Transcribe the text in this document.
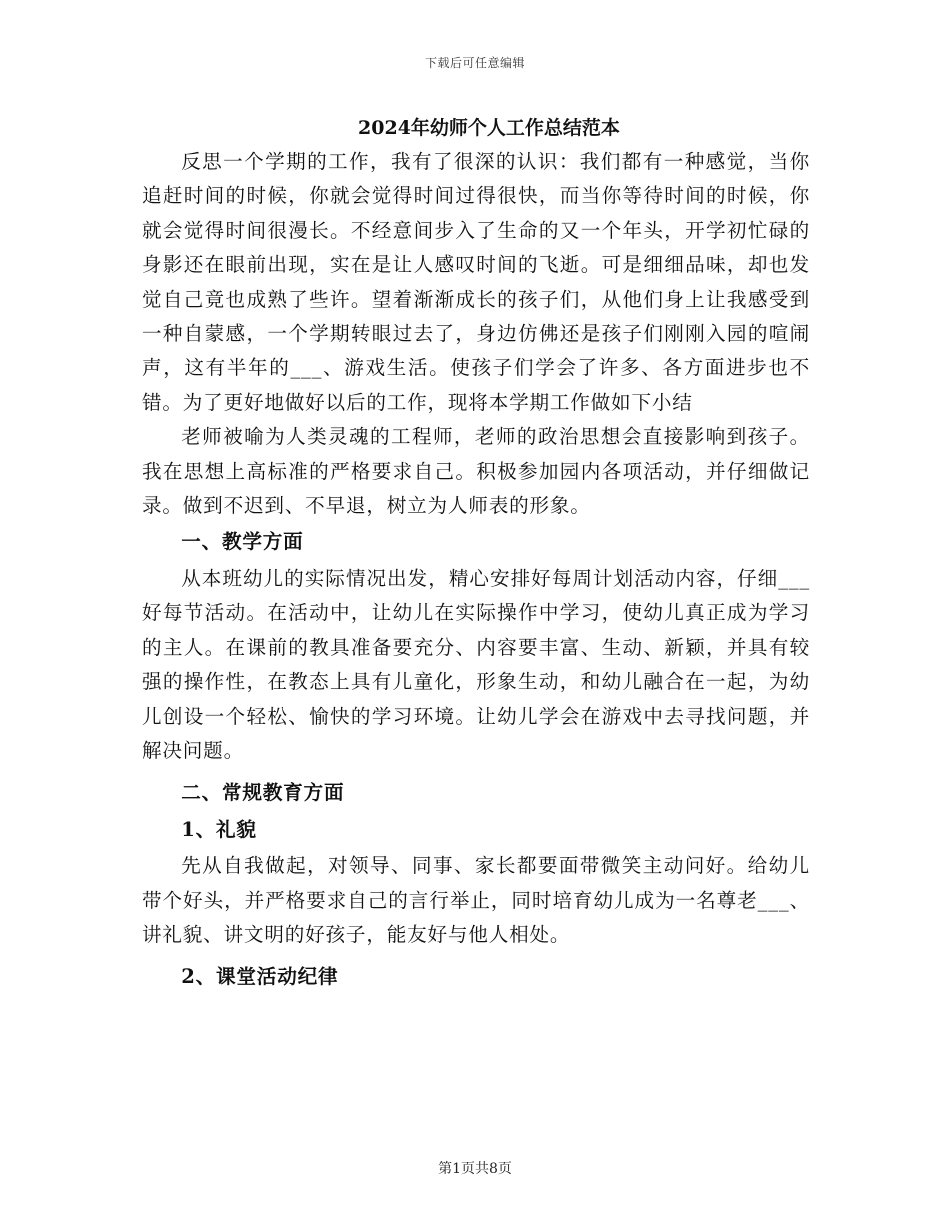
下载后可任意编辑
2024年幼师个人工作总结范本

反思一个学期的工作，我有了很深的认识：我们都有一种感觉，当你追赶时间的时候，你就会觉得时间过得很快，而当你等待时间的时候，你就会觉得时间很漫长。不经意间步入了生命的又一个年头，开学初忙碌的身影还在眼前出现，实在是让人感叹时间的飞逝。可是细细品味，却也发觉自己竟也成熟了些许。望着渐渐成长的孩子们，从他们身上让我感受到一种自蒙感，一个学期转眼过去了，身边仿佛还是孩子们刚刚入园的喧闹声，这有半年的___、游戏生活。使孩子们学会了许多、各方面进步也不错。为了更好地做好以后的工作，现将本学期工作做如下小结

老师被喻为人类灵魂的工程师，老师的政治思想会直接影响到孩子。我在思想上高标准的严格要求自己。积极参加园内各项活动，并仔细做记录。做到不迟到、不早退，树立为人师表的形象。

一、教学方面

从本班幼儿的实际情况出发，精心安排好每周计划活动内容，仔细___好每节活动。在活动中，让幼儿在实际操作中学习，使幼儿真正成为学习的主人。在课前的教具准备要充分、内容要丰富、生动、新颖，并具有较强的操作性，在教态上具有儿童化，形象生动，和幼儿融合在一起，为幼儿创设一个轻松、愉快的学习环境。让幼儿学会在游戏中去寻找问题，并解决问题。

二、常规教育方面

1、礼貌

先从自我做起，对领导、同事、家长都要面带微笑主动问好。给幼儿带个好头，并严格要求自己的言行举止，同时培育幼儿成为一名尊老___、讲礼貌、讲文明的好孩子，能友好与他人相处。

2、课堂活动纪律

第1页共8页
